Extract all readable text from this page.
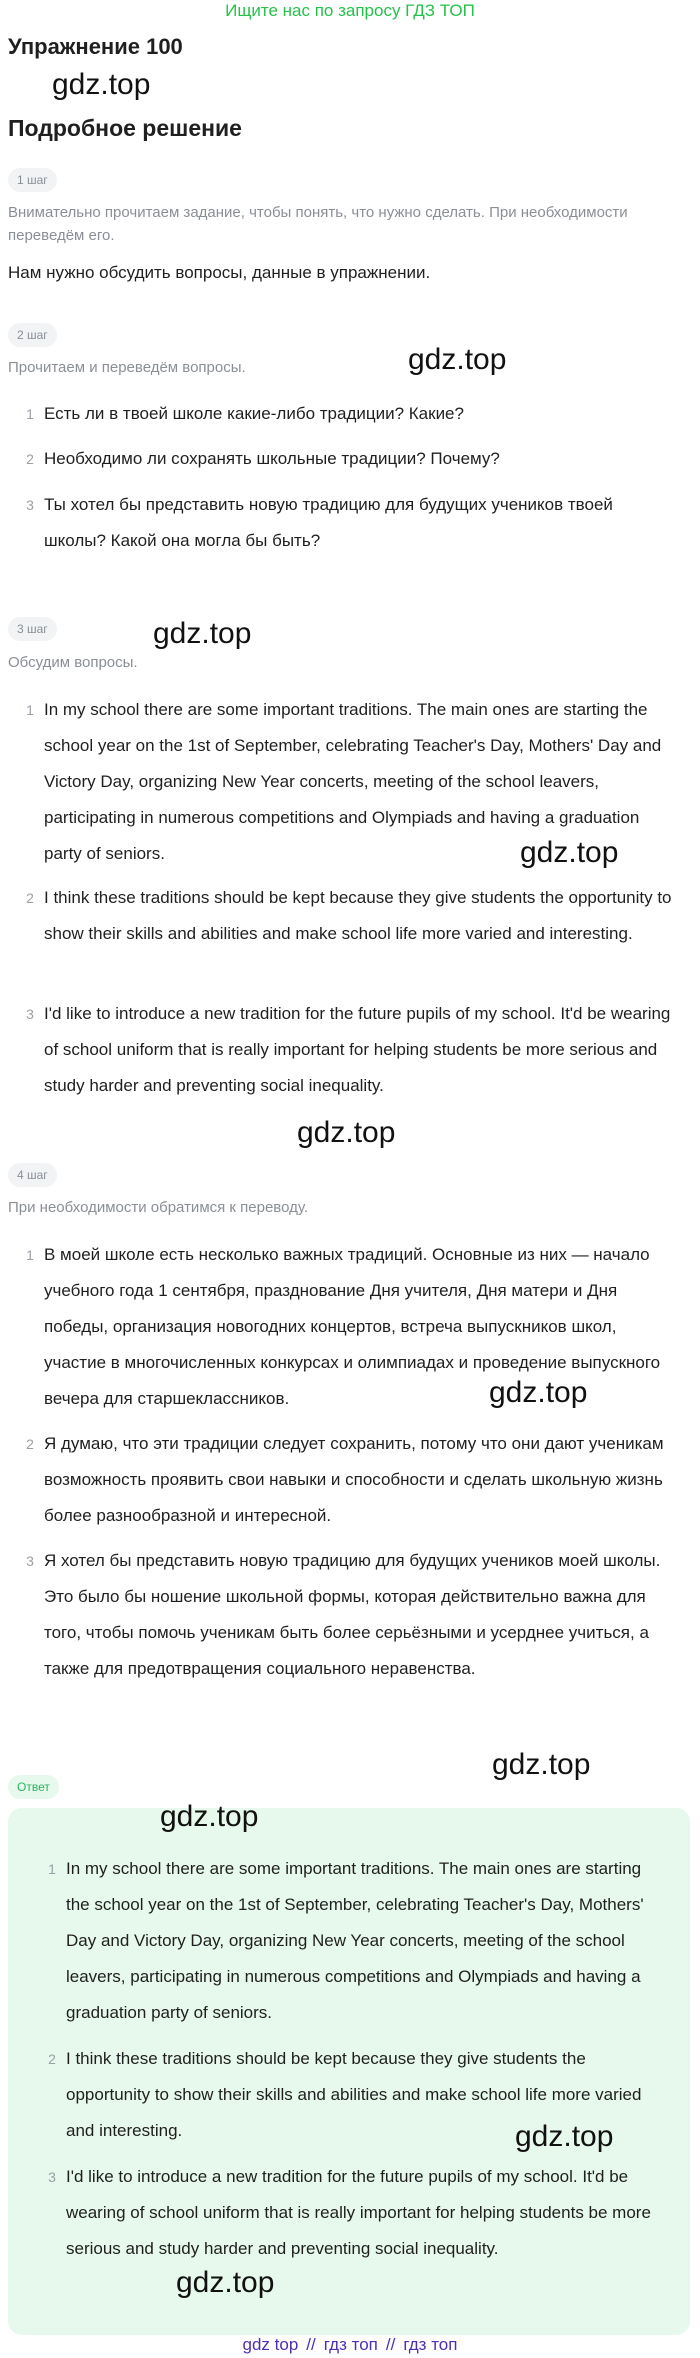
Ищите нас по запросу ГДЗ ТОП
Упражнение 100
gdz.top
Подробное решение
1 шаг
Внимательно прочитаем задание, чтобы понять, что нужно сделать. При необходимости переведём его.
Нам нужно обсудить вопросы, данные в упражнении.
2 шаг
Прочитаем и переведём вопросы.	gdz.top
1 Есть ли в твоей школе какие-либо традиции? Какие?
2 Необходимо ли сохранять школьные традиции? Почему?
3 Ты хотел бы представить новую традицию для будущих учеников твоей школы? Какой она могла бы быть?
3 шаг	gdz.top
Обсудим вопросы.
1 In my school there are some important traditions. The main ones are starting the school year on the 1st of September, celebrating Teacher's Day, Mothers' Day and Victory Day, organizing New Year concerts, meeting of the school leavers, participating in numerous competitions and Olympiads and having a graduation party of seniors.
2 I think these traditions should be kept because they give students the opportunity to show their skills and abilities and make school life more varied and interesting.
3 I'd like to introduce a new tradition for the future pupils of my school. It'd be wearing of school uniform that is really important for helping students be more serious and study harder and preventing social inequality.
gdz.top
gdz.top
4 шаг
При необходимости обратимся к переводу.
1 В моей школе есть несколько важных традиций. Основные из них — начало учебного года 1 сентября, празднование Дня учителя, Дня матери и Дня победы, организация новогодних концертов, встреча выпускников школ, участие в многочисленных конкурсах и олимпиадах и проведение выпускного вечера для старшеклассников.
2 Я думаю, что эти традиции следует сохранить, потому что они дают ученикам возможность проявить свои навыки и способности и сделать школьную жизнь более разнообразной и интересной.
3 Я хотел бы представить новую традицию для будущих учеников моей школы. Это было бы ношение школьной формы, которая действительно важна для того, чтобы помочь ученикам быть более серьёзными и усерднее учиться, а также для предотвращения социального неравенства.
gdz.top
gdz.top
Ответ
1 In my school there are some important traditions. The main ones are starting the school year on the 1st of September, celebrating Teacher's Day, Mothers' Day and Victory Day, organizing New Year concerts, meeting of the school leavers, participating in numerous competitions and Olympiads and having a graduation party of seniors.
2 I think these traditions should be kept because they give students the opportunity to show their skills and abilities and make school life more varied and interesting.
3 I'd like to introduce a new tradition for the future pupils of my school. It'd be wearing of school uniform that is really important for helping students be more serious and study harder and preventing social inequality.
gdz.top
gdz.top
gdz.top
gdz top // гдз топ // гдз топ
